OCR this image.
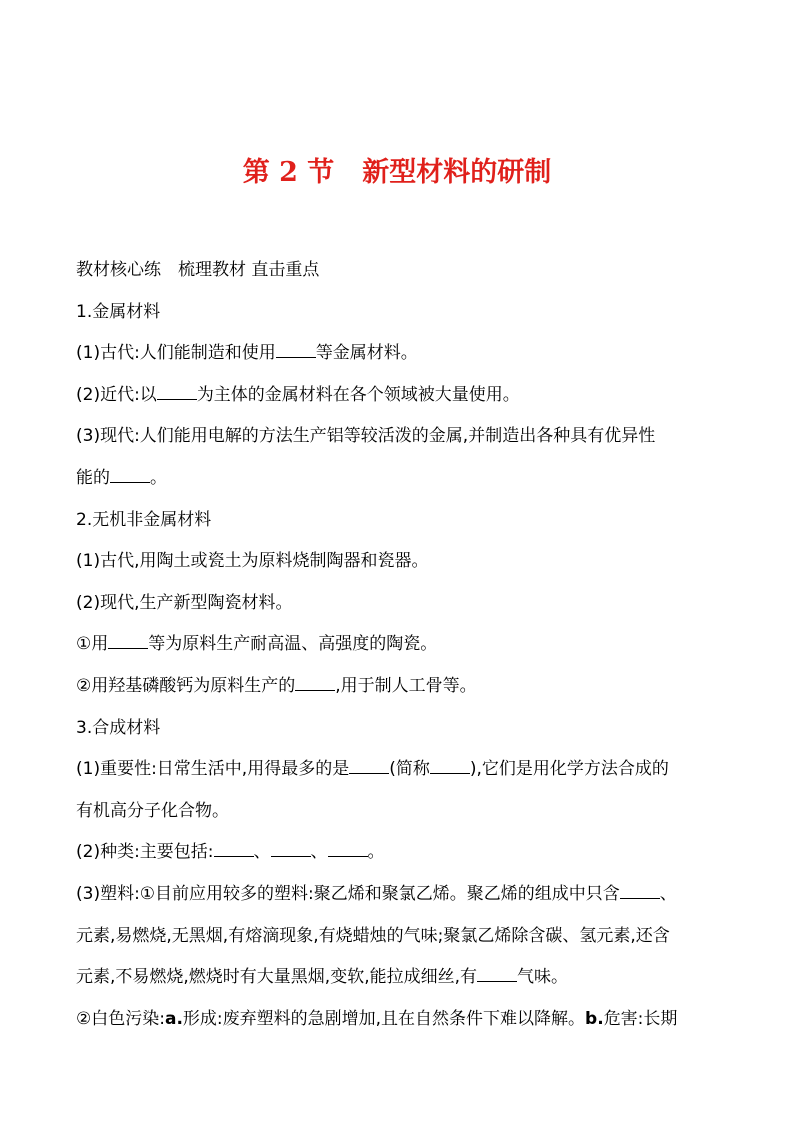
第 2 节 新型材料的研制
教材核心练　梳理教材 直击重点
1.金属材料
(1)古代:人们能制造和使用 等金属材料。
(2)近代:以 为主体的金属材料在各个领域被大量使用。
(3)现代:人们能用电解的方法生产铝等较活泼的金属,并制造出各种具有优异性
能的 。
2.无机非金属材料
(1)古代,用陶土或瓷土为原料烧制陶器和瓷器。
(2)现代,生产新型陶瓷材料。
①用 等为原料生产耐高温、高强度的陶瓷。
②用羟基磷酸钙为原料生产的 ,用于制人工骨等。
3.合成材料
(1)重要性:日常生活中,用得最多的是 (简称 ),它们是用化学方法合成的
有机高分子化合物。
(2)种类:主要包括: 、 、 。
(3)塑料:①目前应用较多的塑料:聚乙烯和聚氯乙烯。聚乙烯的组成中只含 、
元素,易燃烧,无黑烟,有熔滴现象,有烧蜡烛的气味;聚氯乙烯除含碳、氢元素,还含
元素,不易燃烧,燃烧时有大量黑烟,变软,能拉成细丝,有 气味。
②白色污染:a.形成:废弃塑料的急剧增加,且在自然条件下难以降解。b.危害:长期
